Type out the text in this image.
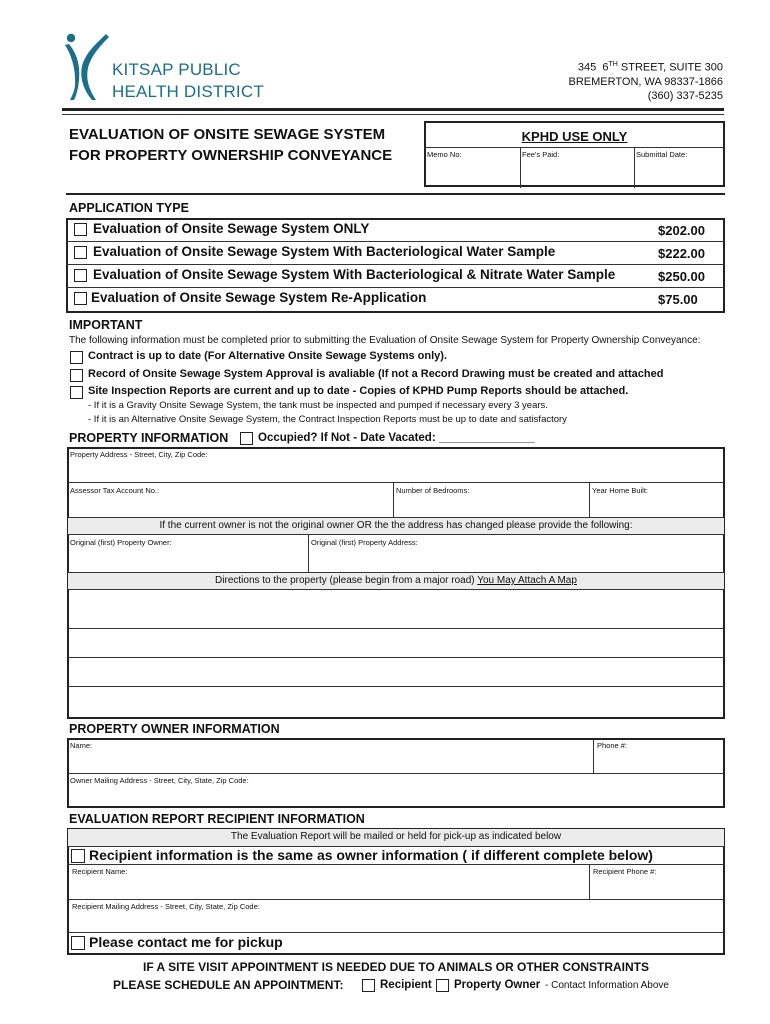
KITSAP PUBLIC
HEALTH DISTRICT
345 6TH STREET, SUITE 300
BREMERTON, WA 98337-1866
(360) 337-5235
EVALUATION OF ONSITE SEWAGE SYSTEM
FOR PROPERTY OWNERSHIP CONVEYANCE
KPHD USE ONLY
Memo No:	Fee's Paid:	Submittal Date:
APPLICATION TYPE
Evaluation of Onsite Sewage System ONLY	$202.00
Evaluation of Onsite Sewage System With Bacteriological Water Sample	$222.00
Evaluation of Onsite Sewage System With Bacteriological & Nitrate Water Sample	$250.00
Evaluation of Onsite Sewage System Re-Application	$75.00
IMPORTANT
The following information must be completed prior to submitting the Evaluation of Onsite Sewage System for Property Ownership Conveyance:
Contract is up to date (For Alternative Onsite Sewage Systems only).
Record of Onsite Sewage System Approval is avaliable (If not a Record Drawing must be created and attached
Site Inspection Reports are current and up to date - Copies of KPHD Pump Reports should be attached.
- If it is a Gravity Onsite Sewage System, the tank must be inspected and pumped if necessary every 3 years.
- If it is an Alternative Onsite Sewage System, the Contract Inspection Reports must be up to date and satisfactory
PROPERTY INFORMATION	Occupied? If Not - Date Vacated: _______________
Property Address - Street, City, Zip Code:
Assessor Tax Account No.:	Number of Bedrooms:	Year Home Built:
If the current owner is not the original owner OR the the address has changed please provide the following:
Original (first) Property Owner:	Original (first) Property Address:
Directions to the property (please begin from a major road) You May Attach A Map
PROPERTY OWNER INFORMATION
Name:	Phone #:
Owner Mailing Address - Street, City, State, Zip Code:
EVALUATION REPORT RECIPIENT INFORMATION
The Evaluation Report will be mailed or held for pick-up as indicated below
Recipient information is the same as owner information ( if different complete below)
Recipient Name:	Recipient Phone #:
Recipient Mailing Address - Street, City, State, Zip Code:
Please contact me for pickup
IF A SITE VISIT APPOINTMENT IS NEEDED DUE TO ANIMALS OR OTHER CONSTRAINTS
PLEASE SCHEDULE AN APPOINTMENT:	Recipient Property Owner - Contact Information Above
